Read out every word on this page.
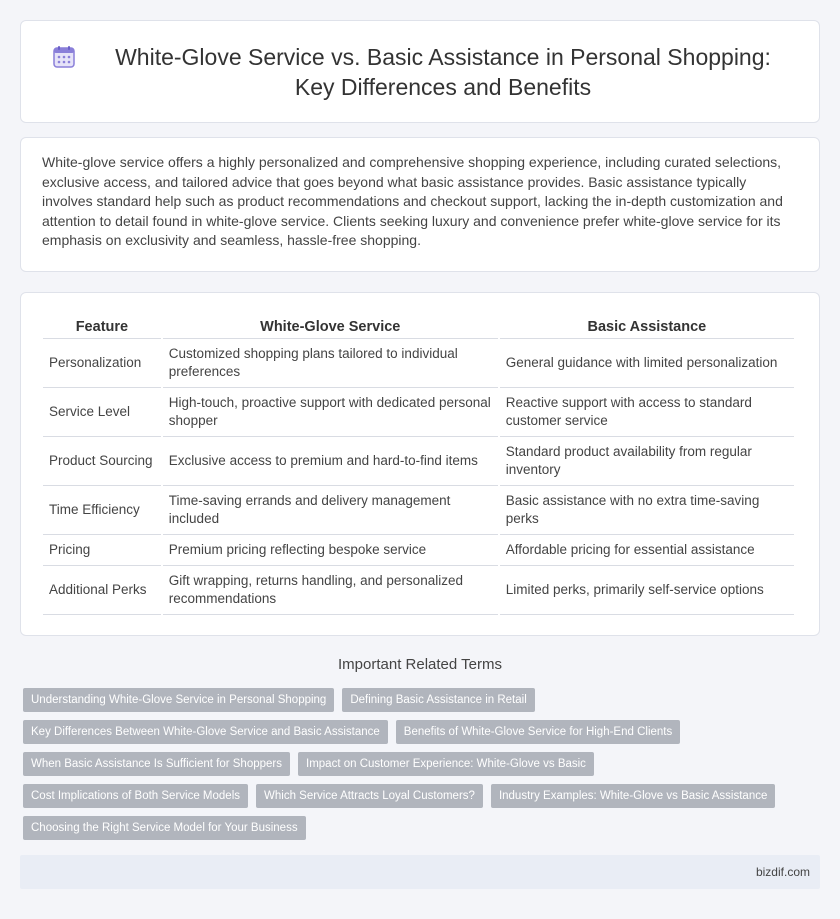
White-Glove Service vs. Basic Assistance in Personal Shopping: Key Differences and Benefits

White-glove service offers a highly personalized and comprehensive shopping experience, including curated selections, exclusive access, and tailored advice that goes beyond what basic assistance provides. Basic assistance typically involves standard help such as product recommendations and checkout support, lacking the in-depth customization and attention to detail found in white-glove service. Clients seeking luxury and convenience prefer white-glove service for its emphasis on exclusivity and seamless, hassle-free shopping.

Feature	White-Glove Service	Basic Assistance
Personalization	Customized shopping plans tailored to individual preferences	General guidance with limited personalization
Service Level	High-touch, proactive support with dedicated personal shopper	Reactive support with access to standard customer service
Product Sourcing	Exclusive access to premium and hard-to-find items	Standard product availability from regular inventory
Time Efficiency	Time-saving errands and delivery management included	Basic assistance with no extra time-saving perks
Pricing	Premium pricing reflecting bespoke service	Affordable pricing for essential assistance
Additional Perks	Gift wrapping, returns handling, and personalized recommendations	Limited perks, primarily self-service options
Important Related Terms
Understanding White-Glove Service in Personal Shopping	Defining Basic Assistance in Retail
Key Differences Between White-Glove Service and Basic Assistance	Benefits of White-Glove Service for High-End Clients
When Basic Assistance Is Sufficient for Shoppers	Impact on Customer Experience: White-Glove vs Basic
Cost Implications of Both Service Models	Which Service Attracts Loyal Customers?	Industry Examples: White-Glove vs Basic Assistance
Choosing the Right Service Model for Your Business
bizdif.com
